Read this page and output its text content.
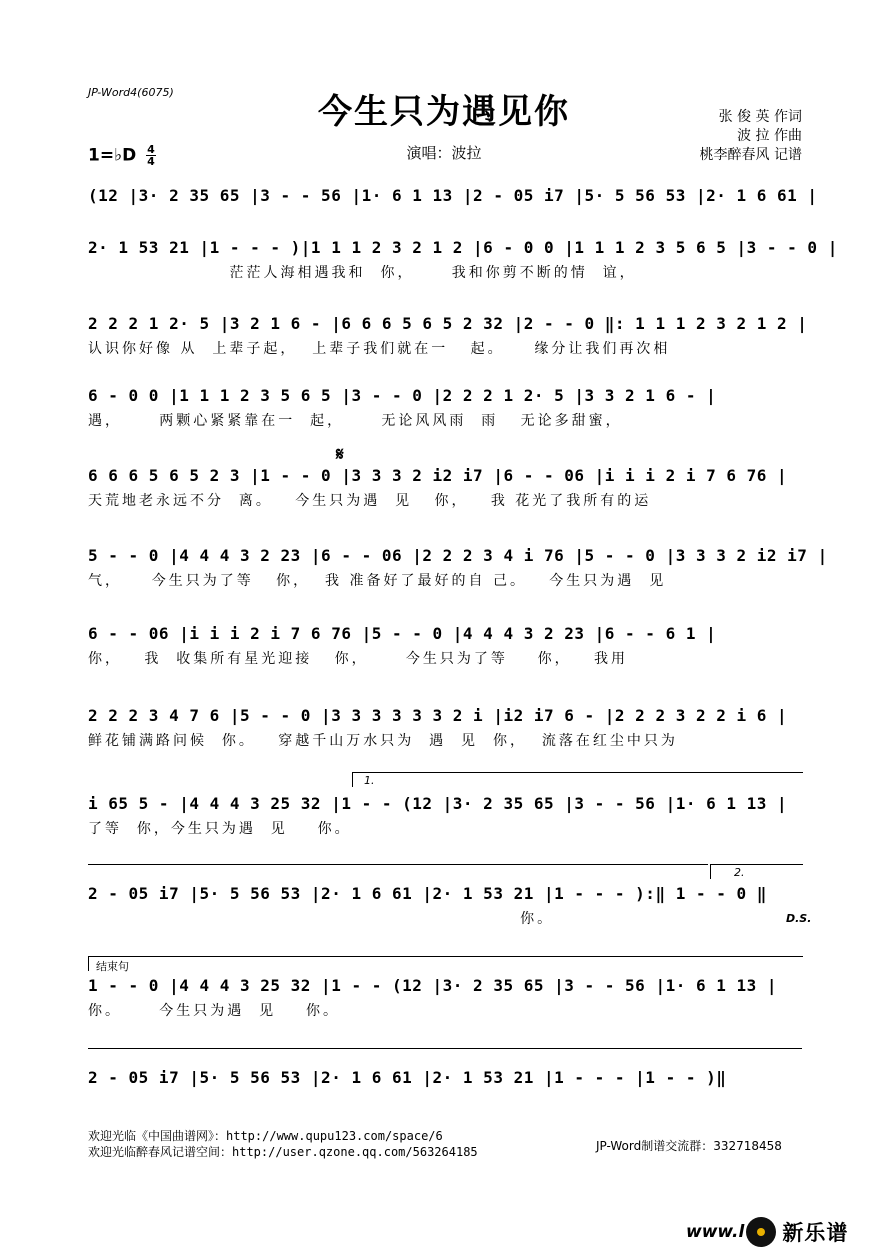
JP-Word4(6075)	今生只为遇见你	张 俊 英 作词
波 拉 作曲
桃李醉春风 记谱
1=♭D $\frac{4}{4}$	演唱：波拉
(12 |3· 2 35 65 |3 - - 56 |1· 6 1 13 |2 - 05 i7 |5· 5 56 53 |2· 1 6 61 |
2· 1 53 21 |1 - - - )|1 1 1 2 3 2 1 2 |6 - 0 0 |1 1 1 2 3 5 6 5 |3 - - 0 |
茫茫人海相遇我和  你，     我和你剪不断的情  谊，
2 2 2 1 2· 5 |3 2 1 6 - |6 6 6 5 6 5 2 32 |2 - - 0 ‖: 1 1 1 2 3 2 1 2 |
认识你好像 从  上辈子起，  上辈子我们就在一   起。    缘分让我们再次相
6 - 0 0 |1 1 1 2 3 5 6 5 |3 - - 0 |2 2 2 1 2· 5 |3 3 2 1 6 - |
遇，     两颗心紧紧靠在一  起，     无论风风雨  雨   无论多甜蜜，
𝄋
6 6 6 5 6 5 2 3 |1 - - 0 |3 3 3 2 i2 i7 |6 - - 06 |i i i 2 i 7 6 76 |
天荒地老永远不分  离。   今生只为遇  见   你，   我 花光了我所有的运
5 - - 0 |4 4 4 3 2 23 |6 - - 06 |2 2 2 3 4 i 76 |5 - - 0 |3 3 3 2 i2 i7 |
气，    今生只为了等   你，  我 准备好了最好的自 己。   今生只为遇  见
6 - - 06 |i i i 2 i 7 6 76 |5 - - 0 |4 4 4 3 2 23 |6 - - 6 1 |
你，   我  收集所有星光迎接   你，     今生只为了等    你，   我用
2 2 2 3 4 7 6 |5 - - 0 |3 3 3 3 3 3 2 i |i2 i7 6 - |2 2 2 3 2 2 i 6 |
鲜花铺满路问候  你。   穿越千山万水只为  遇  见  你，  流落在红尘中只为
1.
i 65 5 - |4 4 4 3 25 32 |1 - - (12 |3· 2 35 65 |3 - - 56 |1· 6 1 13 |
了等  你，今生只为遇  见    你。
2.
2 - 05 i7 |5· 5 56 53 |2· 1 6 61 |2· 1 53 21 |1 - - - ):‖ 1 - - 0 ‖
你。	D.S.
结束句
1 - - 0 |4 4 4 3 25 32 |1 - - (12 |3· 2 35 65 |3 - - 56 |1· 6 1 13 |
你。     今生只为遇  见    你。
2 - 05 i7 |5· 5 56 53 |2· 1 6 61 |2· 1 53 21 |1 - - - |1 - - )‖
欢迎光临《中国曲谱网》：http://www.qupu123.com/space/6
欢迎光临醉春风记谱空间：http://user.qzone.qq.com/563264185	JP-Word制谱交流群：332718458
www.l 新乐谱
